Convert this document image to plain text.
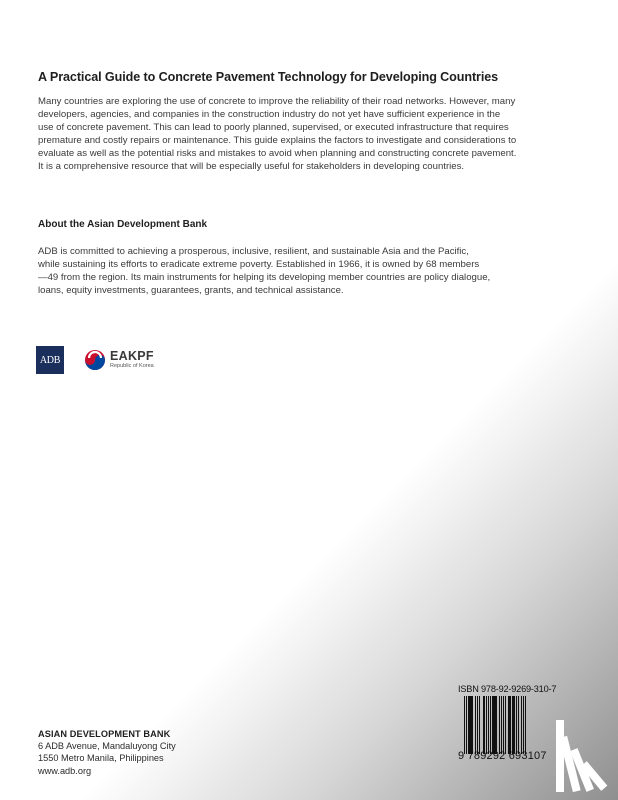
A Practical Guide to Concrete Pavement Technology for Developing Countries
Many countries are exploring the use of concrete to improve the reliability of their road networks. However, many
developers, agencies, and companies in the construction industry do not yet have sufficient experience in the
use of concrete pavement. This can lead to poorly planned, supervised, or executed infrastructure that requires
premature and costly repairs or maintenance. This guide explains the factors to investigate and considerations to
evaluate as well as the potential risks and mistakes to avoid when planning and constructing concrete pavement.
It is a comprehensive resource that will be especially useful for stakeholders in developing countries.
About the Asian Development Bank
ADB is committed to achieving a prosperous, inclusive, resilient, and sustainable Asia and the Pacific,
while sustaining its efforts to eradicate extreme poverty. Established in 1966, it is owned by 68 members
—49 from the region. Its main instruments for helping its developing member countries are policy dialogue,
loans, equity investments, guarantees, grants, and technical assistance.
ADB	EAKPF
Republic of Korea
ASIAN DEVELOPMENT BANK
6 ADB Avenue, Mandaluyong City
1550 Metro Manila, Philippines
www.adb.org
ISBN 978-92-9269-310-7
9 789292 693107
